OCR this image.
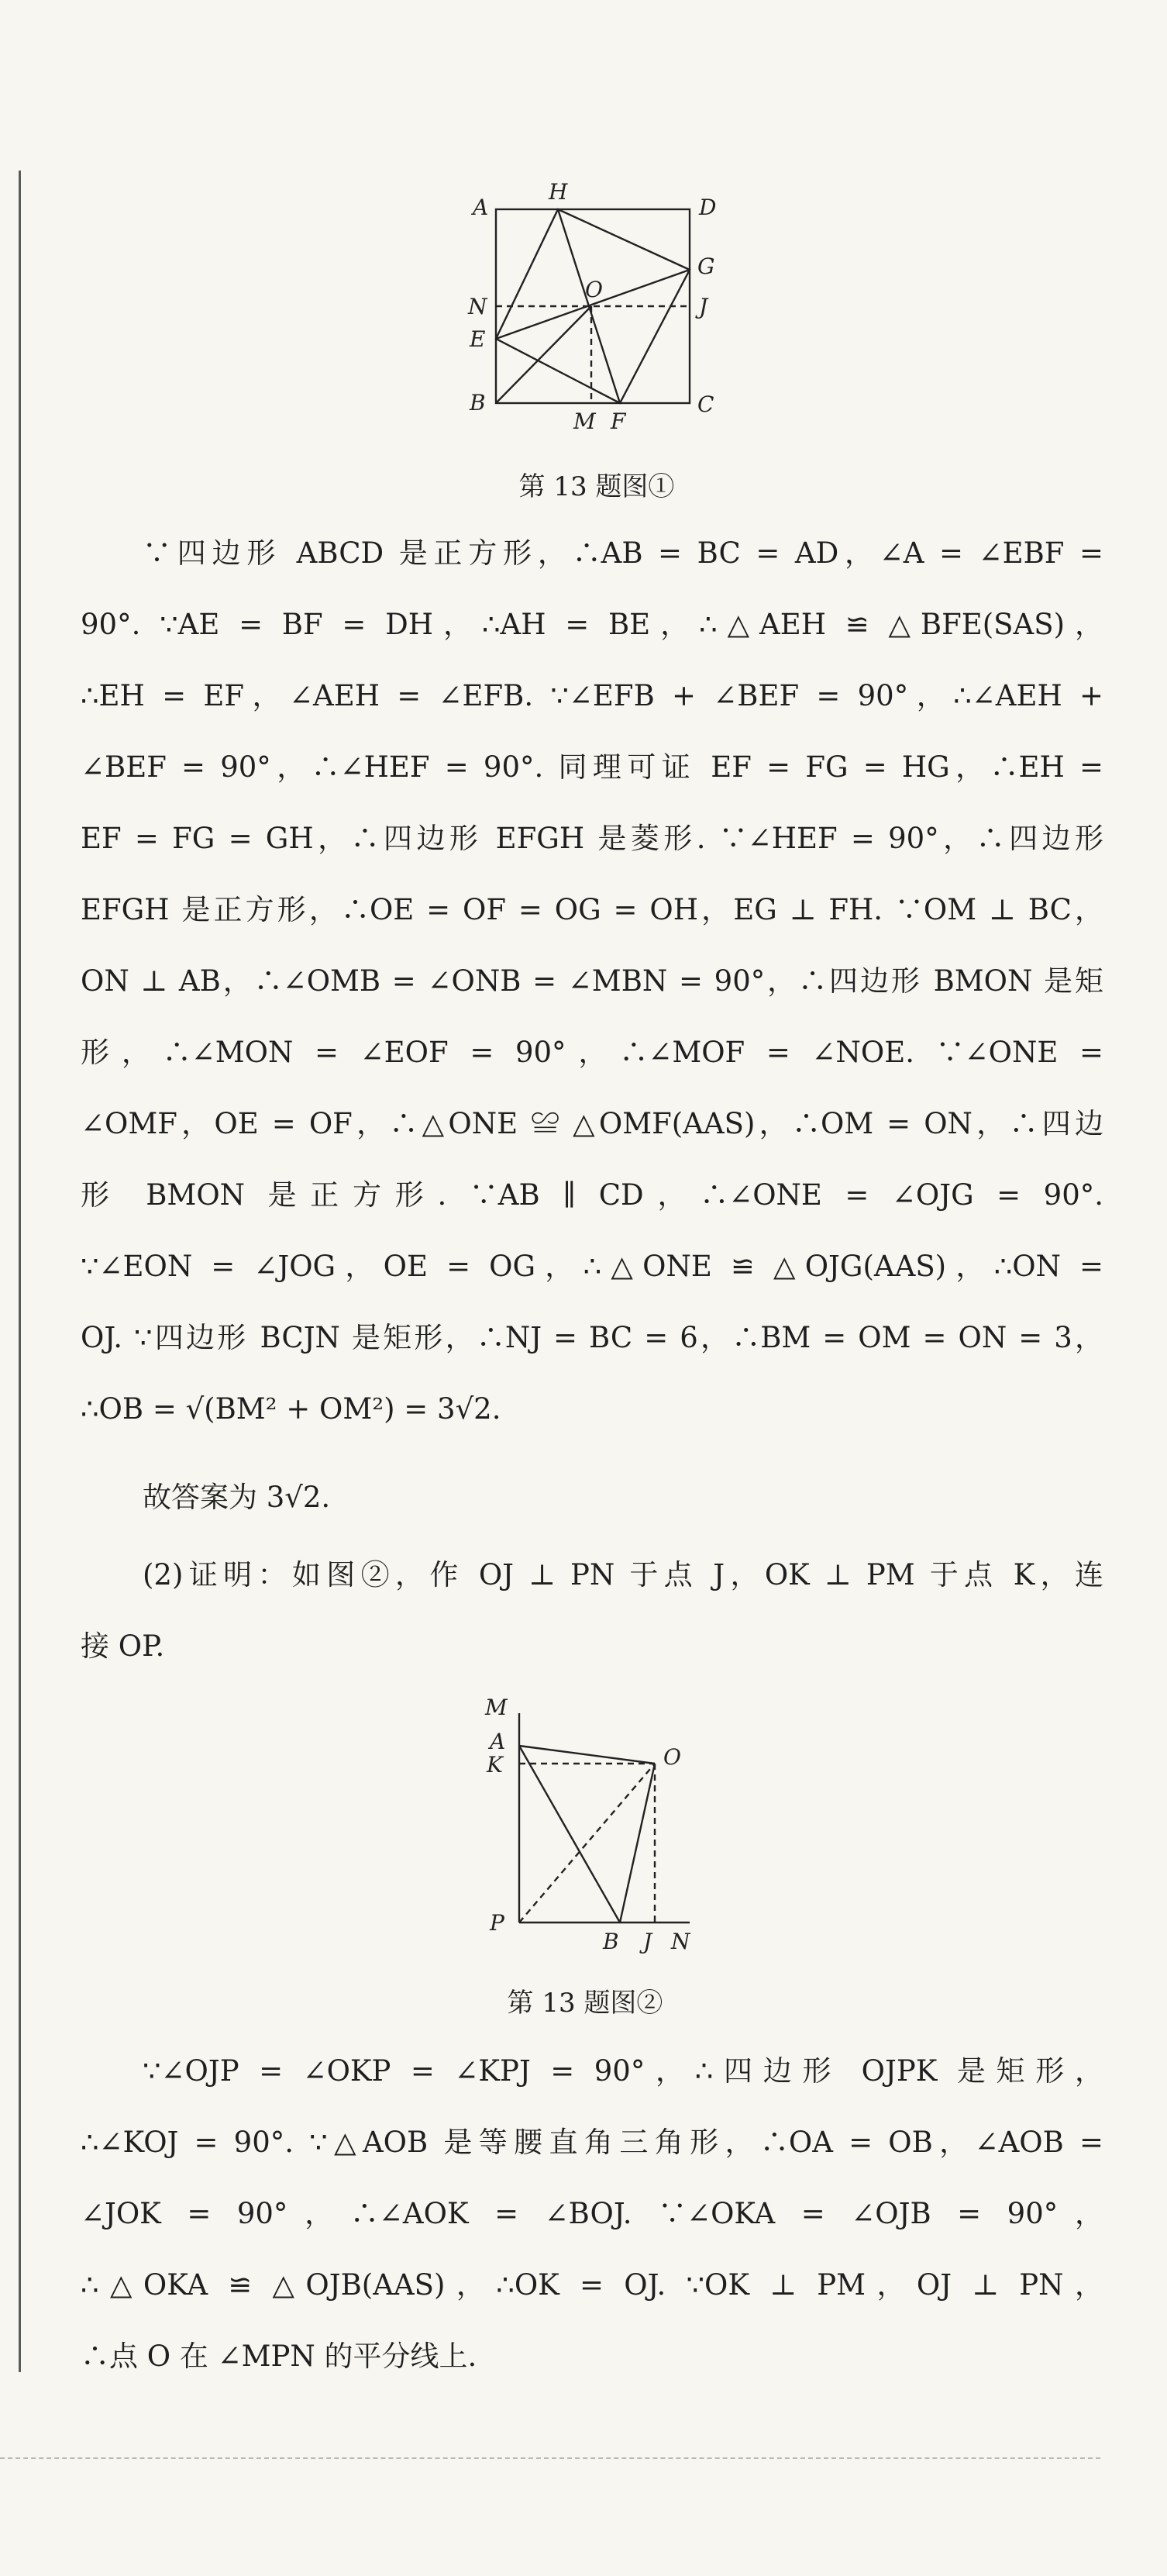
A
H
D
G
N
O
J
E
B
M F
C
第 13 题图①
∵四边形 ABCD 是正方形，∴AB = BC = AD，∠A = ∠EBF =
90°. ∵AE = BF = DH，∴AH = BE，∴△AEH ≌ △BFE(SAS)，
∴EH = EF，∠AEH = ∠EFB. ∵∠EFB + ∠BEF = 90°，∴∠AEH +
∠BEF = 90°，∴∠HEF = 90°. 同理可证 EF = FG = HG，∴EH =
EF = FG = GH，∴四边形 EFGH 是菱形. ∵∠HEF = 90°，∴四边形
EFGH 是正方形，∴OE = OF = OG = OH，EG ⊥ FH. ∵OM ⊥ BC，
ON ⊥ AB，∴∠OMB = ∠ONB = ∠MBN = 90°，∴四边形 BMON 是矩
形，∴∠MON = ∠EOF = 90°，∴∠MOF = ∠NOE. ∵∠ONE =
∠OMF，OE = OF，∴△ONE ≌ △OMF(AAS)，∴OM = ON，∴四边
形 BMON 是正方形. ∵AB ∥ CD，∴∠ONE = ∠OJG = 90°.
∵∠EON = ∠JOG，OE = OG，∴△ONE ≌ △OJG(AAS)，∴ON =
OJ. ∵四边形 BCJN 是矩形，∴NJ = BC = 6，∴BM = OM = ON = 3，
∴OB = √(BM² + OM²) = 3√2.
故答案为 3√2.
(2)证明：如图②，作 OJ ⊥ PN 于点 J，OK ⊥ PM 于点 K，连
接 OP.
M
A
K	O
P
B J N
第 13 题图②
∵∠OJP = ∠OKP = ∠KPJ = 90°，∴四边形 OJPK 是矩形，
∴∠KOJ = 90°. ∵△AOB 是等腰直角三角形，∴OA = OB，∠AOB =
∠JOK = 90°，∴∠AOK = ∠BOJ. ∵∠OKA = ∠OJB = 90°，
∴△OKA ≌ △OJB(AAS)，∴OK = OJ. ∵OK ⊥ PM，OJ ⊥ PN，
∴点 O 在 ∠MPN 的平分线上.
